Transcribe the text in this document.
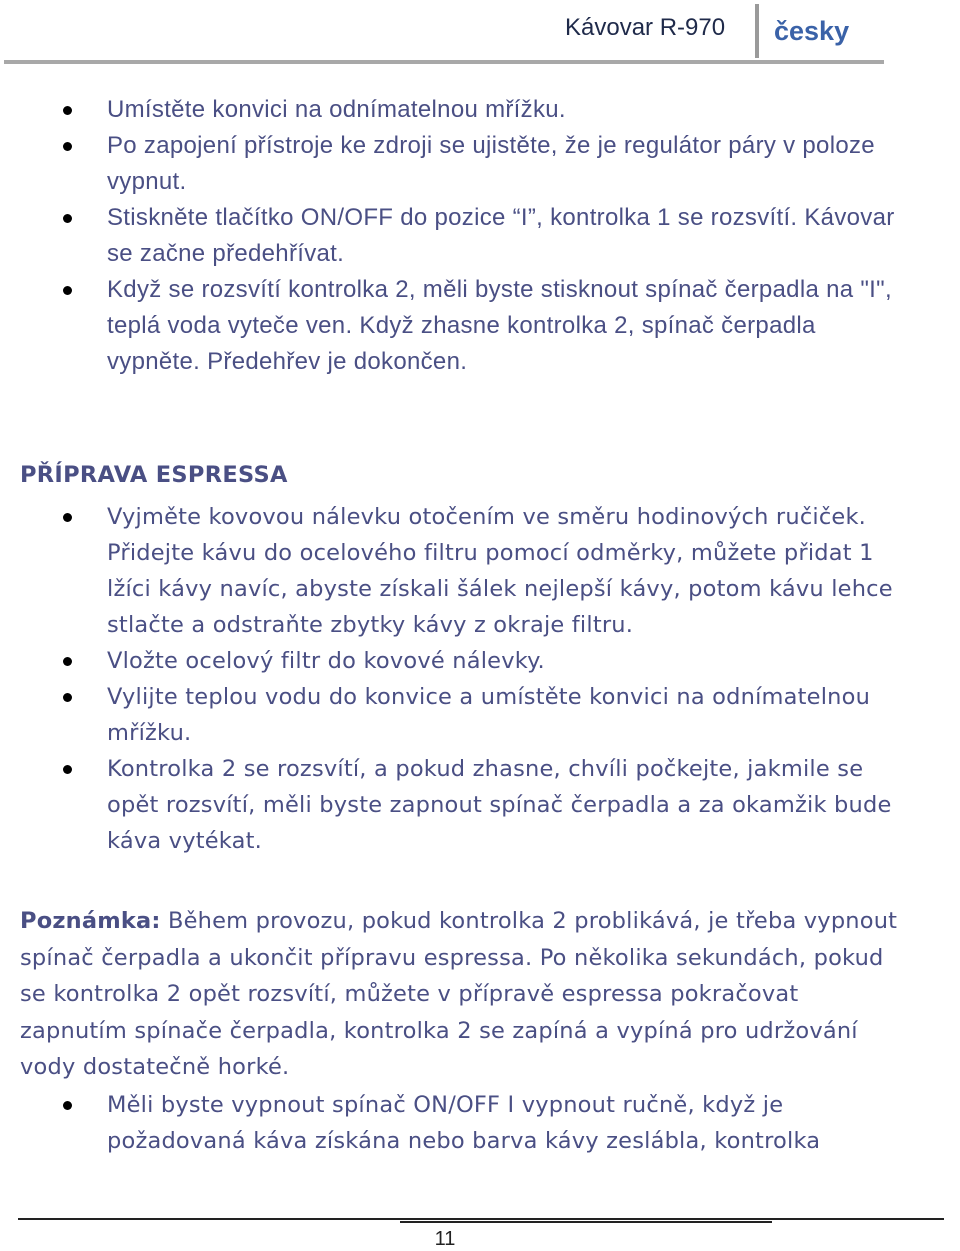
Kávovar R-970 česky
Umístěte konvici na odnímatelnou mřížku.
Po zapojení přístroje ke zdroji se ujistěte, že je regulátor páry v poloze vypnut.
Stiskněte tlačítko ON/OFF do pozice “I”, kontrolka 1 se rozsvítí. Kávovar se začne předehřívat.
Když se rozsvítí kontrolka 2, měli byste stisknout spínač čerpadla na "I", teplá voda vyteče ven. Když zhasne kontrolka 2, spínač čerpadla vypněte. Předehřev je dokončen.
PŘÍPRAVA ESPRESSA
Vyjměte kovovou nálevku otočením ve směru hodinových ručiček. Přidejte kávu do ocelového filtru pomocí odměrky, můžete přidat 1 lžíci kávy navíc, abyste získali šálek nejlepší kávy, potom kávu lehce stlačte a odstraňte zbytky kávy z okraje filtru.
Vložte ocelový filtr do kovové nálevky.
Vylijte teplou vodu do konvice a umístěte konvici na odnímatelnou mřížku.
Kontrolka 2 se rozsvítí, a pokud zhasne, chvíli počkejte, jakmile se opět rozsvítí, měli byste zapnout spínač čerpadla a za okamžik bude káva vytékat.
Poznámka: Během provozu, pokud kontrolka 2 problikává, je třeba vypnout spínač čerpadla a ukončit přípravu espressa. Po několika sekundách, pokud se kontrolka 2 opět rozsvítí, můžete v přípravě espressa pokračovat zapnutím spínače čerpadla, kontrolka 2 se zapíná a vypíná pro udržování vody dostatečně horké.
Měli byste vypnout spínač ON/OFF I vypnout ručně, když je požadovaná káva získána nebo barva kávy zeslábla, kontrolka
11
